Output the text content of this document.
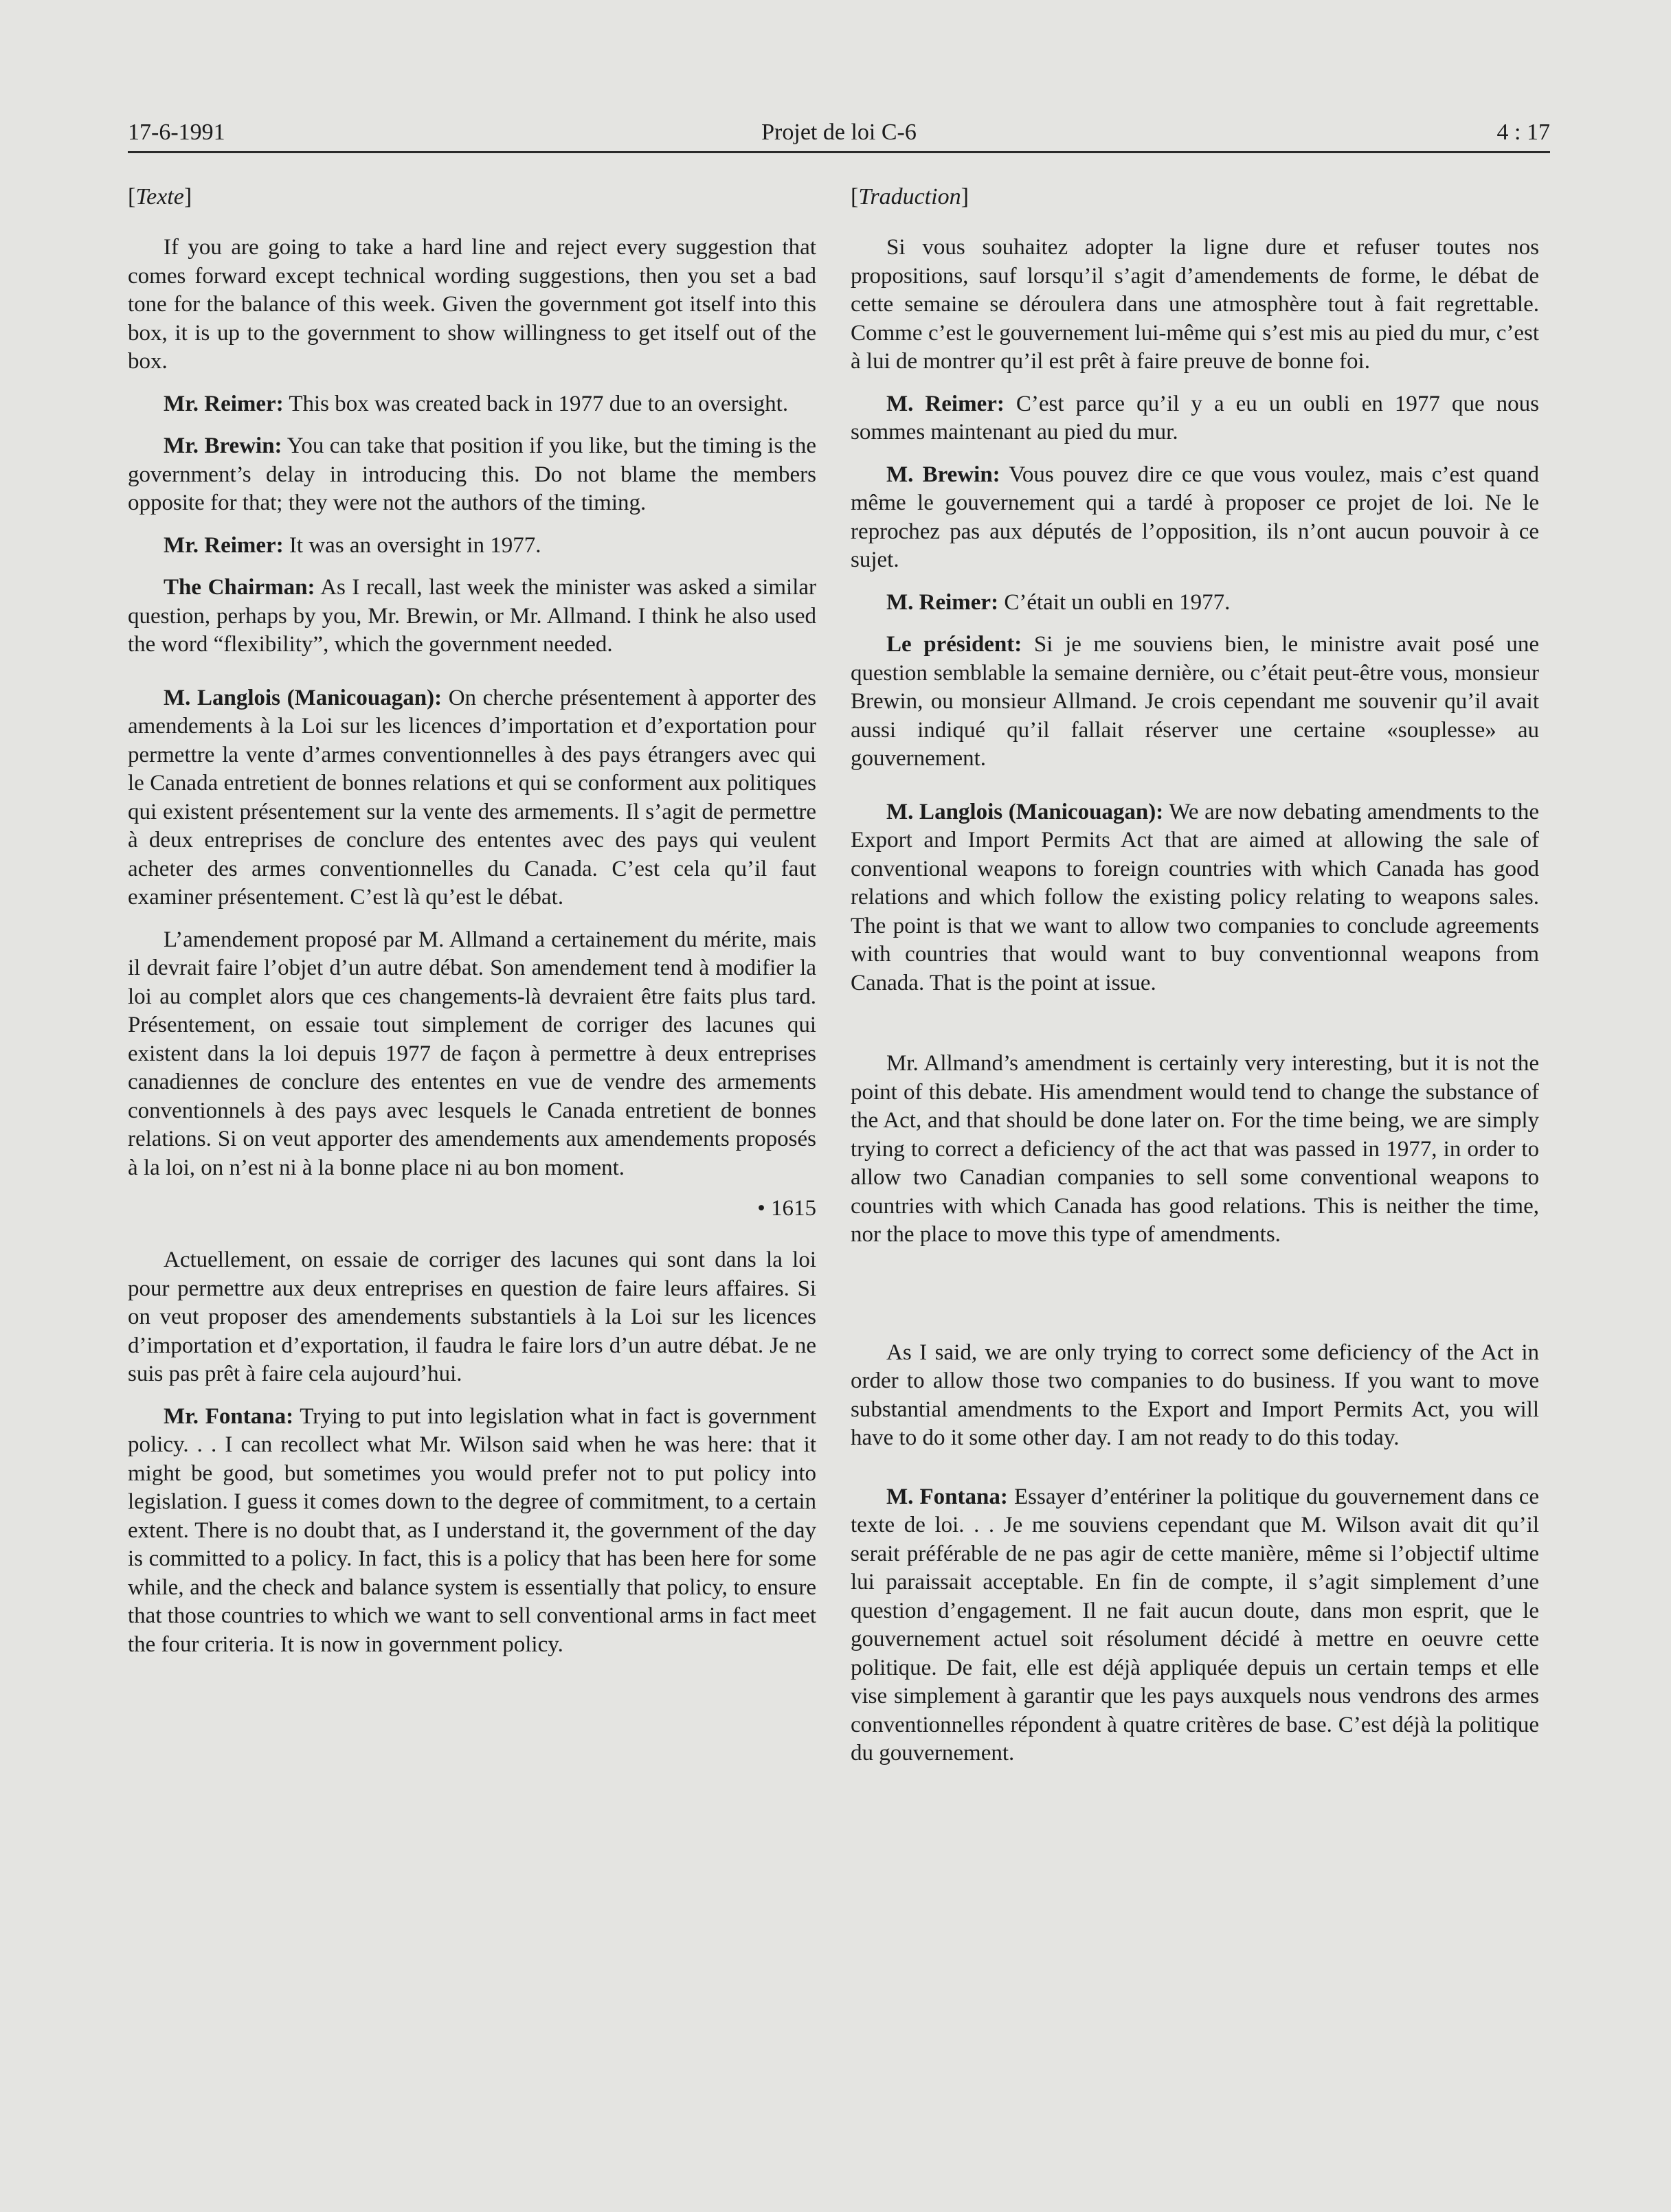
17-6-1991	Projet de loi C-6	4 : 17
[Texte]

If you are going to take a hard line and reject every suggestion that comes forward except technical wording suggestions, then you set a bad tone for the balance of this week. Given the government got itself into this box, it is up to the government to show willingness to get itself out of the box.

Mr. Reimer: This box was created back in 1977 due to an oversight.

Mr. Brewin: You can take that position if you like, but the timing is the government’s delay in introducing this. Do not blame the members opposite for that; they were not the authors of the timing.

Mr. Reimer: It was an oversight in 1977.

The Chairman: As I recall, last week the minister was asked a similar question, perhaps by you, Mr. Brewin, or Mr. Allmand. I think he also used the word “flexibility”, which the government needed.

M. Langlois (Manicouagan): On cherche présentement à apporter des amendements à la Loi sur les licences d’importation et d’exportation pour permettre la vente d’armes conventionnelles à des pays étrangers avec qui le Canada entretient de bonnes relations et qui se conforment aux politiques qui existent présentement sur la vente des armements. Il s’agit de permettre à deux entreprises de conclure des ententes avec des pays qui veulent acheter des armes conventionnelles du Canada. C’est cela qu’il faut examiner présentement. C’est là qu’est le débat.

L’amendement proposé par M. Allmand a certainement du mérite, mais il devrait faire l’objet d’un autre débat. Son amendement tend à modifier la loi au complet alors que ces changements-là devraient être faits plus tard. Présentement, on essaie tout simplement de corriger des lacunes qui existent dans la loi depuis 1977 de façon à permettre à deux entreprises canadiennes de conclure des ententes en vue de vendre des armements conventionnels à des pays avec lesquels le Canada entretient de bonnes relations. Si on veut apporter des amendements aux amendements proposés à la loi, on n’est ni à la bonne place ni au bon moment.

• 1615

Actuellement, on essaie de corriger des lacunes qui sont dans la loi pour permettre aux deux entreprises en question de faire leurs affaires. Si on veut proposer des amendements substantiels à la Loi sur les licences d’importation et d’exportation, il faudra le faire lors d’un autre débat. Je ne suis pas prêt à faire cela aujourd’hui.

Mr. Fontana: Trying to put into legislation what in fact is government policy. . . I can recollect what Mr. Wilson said when he was here: that it might be good, but sometimes you would prefer not to put policy into legislation. I guess it comes down to the degree of commitment, to a certain extent. There is no doubt that, as I understand it, the government of the day is committed to a policy. In fact, this is a policy that has been here for some while, and the check and balance system is essentially that policy, to ensure that those countries to which we want to sell conventional arms in fact meet the four criteria. It is now in government policy.

[Traduction]

Si vous souhaitez adopter la ligne dure et refuser toutes nos propositions, sauf lorsqu’il s’agit d’amendements de forme, le débat de cette semaine se déroulera dans une atmosphère tout à fait regrettable. Comme c’est le gouvernement lui-même qui s’est mis au pied du mur, c’est à lui de montrer qu’il est prêt à faire preuve de bonne foi.

M. Reimer: C’est parce qu’il y a eu un oubli en 1977 que nous sommes maintenant au pied du mur.

M. Brewin: Vous pouvez dire ce que vous voulez, mais c’est quand même le gouvernement qui a tardé à proposer ce projet de loi. Ne le reprochez pas aux députés de l’opposition, ils n’ont aucun pouvoir à ce sujet.

M. Reimer: C’était un oubli en 1977.

Le président: Si je me souviens bien, le ministre avait posé une question semblable la semaine dernière, ou c’était peut-être vous, monsieur Brewin, ou monsieur Allmand. Je crois cependant me souvenir qu’il avait aussi indiqué qu’il fallait réserver une certaine «souplesse» au gouvernement.

M. Langlois (Manicouagan): We are now debating amendments to the Export and Import Permits Act that are aimed at allowing the sale of conventional weapons to foreign countries with which Canada has good relations and which follow the existing policy relating to weapons sales. The point is that we want to allow two companies to conclude agreements with countries that would want to buy conventionnal weapons from Canada. That is the point at issue.

Mr. Allmand’s amendment is certainly very interesting, but it is not the point of this debate. His amendment would tend to change the substance of the Act, and that should be done later on. For the time being, we are simply trying to correct a deficiency of the act that was passed in 1977, in order to allow two Canadian companies to sell some conventional weapons to countries with which Canada has good relations. This is neither the time, nor the place to move this type of amendments.

As I said, we are only trying to correct some deficiency of the Act in order to allow those two companies to do business. If you want to move substantial amendments to the Export and Import Permits Act, you will have to do it some other day. I am not ready to do this today.

M. Fontana: Essayer d’entériner la politique du gouvernement dans ce texte de loi. . . Je me souviens cependant que M. Wilson avait dit qu’il serait préférable de ne pas agir de cette manière, même si l’objectif ultime lui paraissait acceptable. En fin de compte, il s’agit simplement d’une question d’engagement. Il ne fait aucun doute, dans mon esprit, que le gouvernement actuel soit résolument décidé à mettre en oeuvre cette politique. De fait, elle est déjà appliquée depuis un certain temps et elle vise simplement à garantir que les pays auxquels nous vendrons des armes conventionnelles répondent à quatre critères de base. C’est déjà la politique du gouvernement.
